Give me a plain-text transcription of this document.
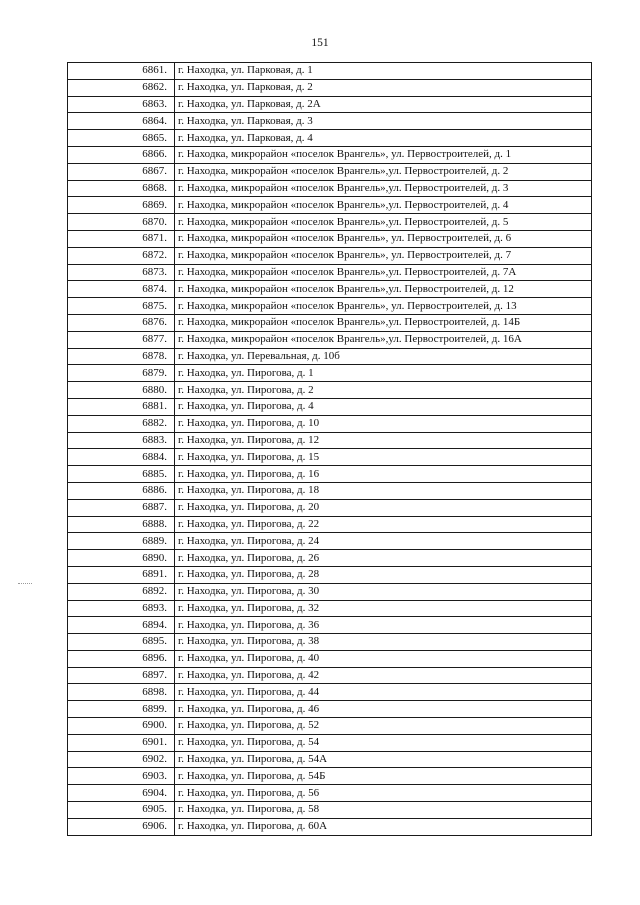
151
6861.	г. Находка, ул. Парковая, д. 1
6862.	г. Находка, ул. Парковая, д. 2
6863.	г. Находка, ул. Парковая, д. 2А
6864.	г. Находка, ул. Парковая, д. 3
6865.	г. Находка, ул. Парковая, д. 4
6866.	г. Находка, микрорайон «поселок Врангель», ул. Первостроителей, д. 1
6867.	г. Находка, микрорайон «поселок Врангель»,ул. Первостроителей, д. 2
6868.	г. Находка, микрорайон «поселок Врангель»,ул. Первостроителей, д. 3
6869.	г. Находка, микрорайон «поселок Врангель»,ул. Первостроителей, д. 4
6870.	г. Находка, микрорайон «поселок Врангель»,ул. Первостроителей, д. 5
6871.	г. Находка, микрорайон «поселок Врангель», ул. Первостроителей, д. 6
6872.	г. Находка, микрорайон «поселок Врангель», ул. Первостроителей, д. 7
6873.	г. Находка, микрорайон «поселок Врангель»,ул. Первостроителей, д. 7А
6874.	г. Находка, микрорайон «поселок Врангель»,ул. Первостроителей, д. 12
6875.	г. Находка, микрорайон «поселок Врангель», ул. Первостроителей, д. 13
6876.	г. Находка, микрорайон «поселок Врангель»,ул. Первостроителей, д. 14Б
6877.	г. Находка, микрорайон «поселок Врангель»,ул. Первостроителей, д. 16А
6878.	г. Находка, ул. Перевальная, д. 10б
6879.	г. Находка, ул. Пирогова, д. 1
6880.	г. Находка, ул. Пирогова, д. 2
6881.	г. Находка, ул. Пирогова, д. 4
6882.	г. Находка, ул. Пирогова, д. 10
6883.	г. Находка, ул. Пирогова, д. 12
6884.	г. Находка, ул. Пирогова, д. 15
6885.	г. Находка, ул. Пирогова, д. 16
6886.	г. Находка, ул. Пирогова, д. 18
6887.	г. Находка, ул. Пирогова, д. 20
6888.	г. Находка, ул. Пирогова, д. 22
6889.	г. Находка, ул. Пирогова, д. 24
6890.	г. Находка, ул. Пирогова, д. 26
6891.	г. Находка, ул. Пирогова, д. 28
6892.	г. Находка, ул. Пирогова, д. 30
6893.	г. Находка, ул. Пирогова, д. 32
6894.	г. Находка, ул. Пирогова, д. 36
6895.	г. Находка, ул. Пирогова, д. 38
6896.	г. Находка, ул. Пирогова, д. 40
6897.	г. Находка, ул. Пирогова, д. 42
6898.	г. Находка, ул. Пирогова, д. 44
6899.	г. Находка, ул. Пирогова, д. 46
6900.	г. Находка, ул. Пирогова, д. 52
6901.	г. Находка, ул. Пирогова, д. 54
6902.	г. Находка, ул. Пирогова, д. 54А
6903.	г. Находка, ул. Пирогова, д. 54Б
6904.	г. Находка, ул. Пирогова, д. 56
6905.	г. Находка, ул. Пирогова, д. 58
6906.	г. Находка, ул. Пирогова, д. 60А
